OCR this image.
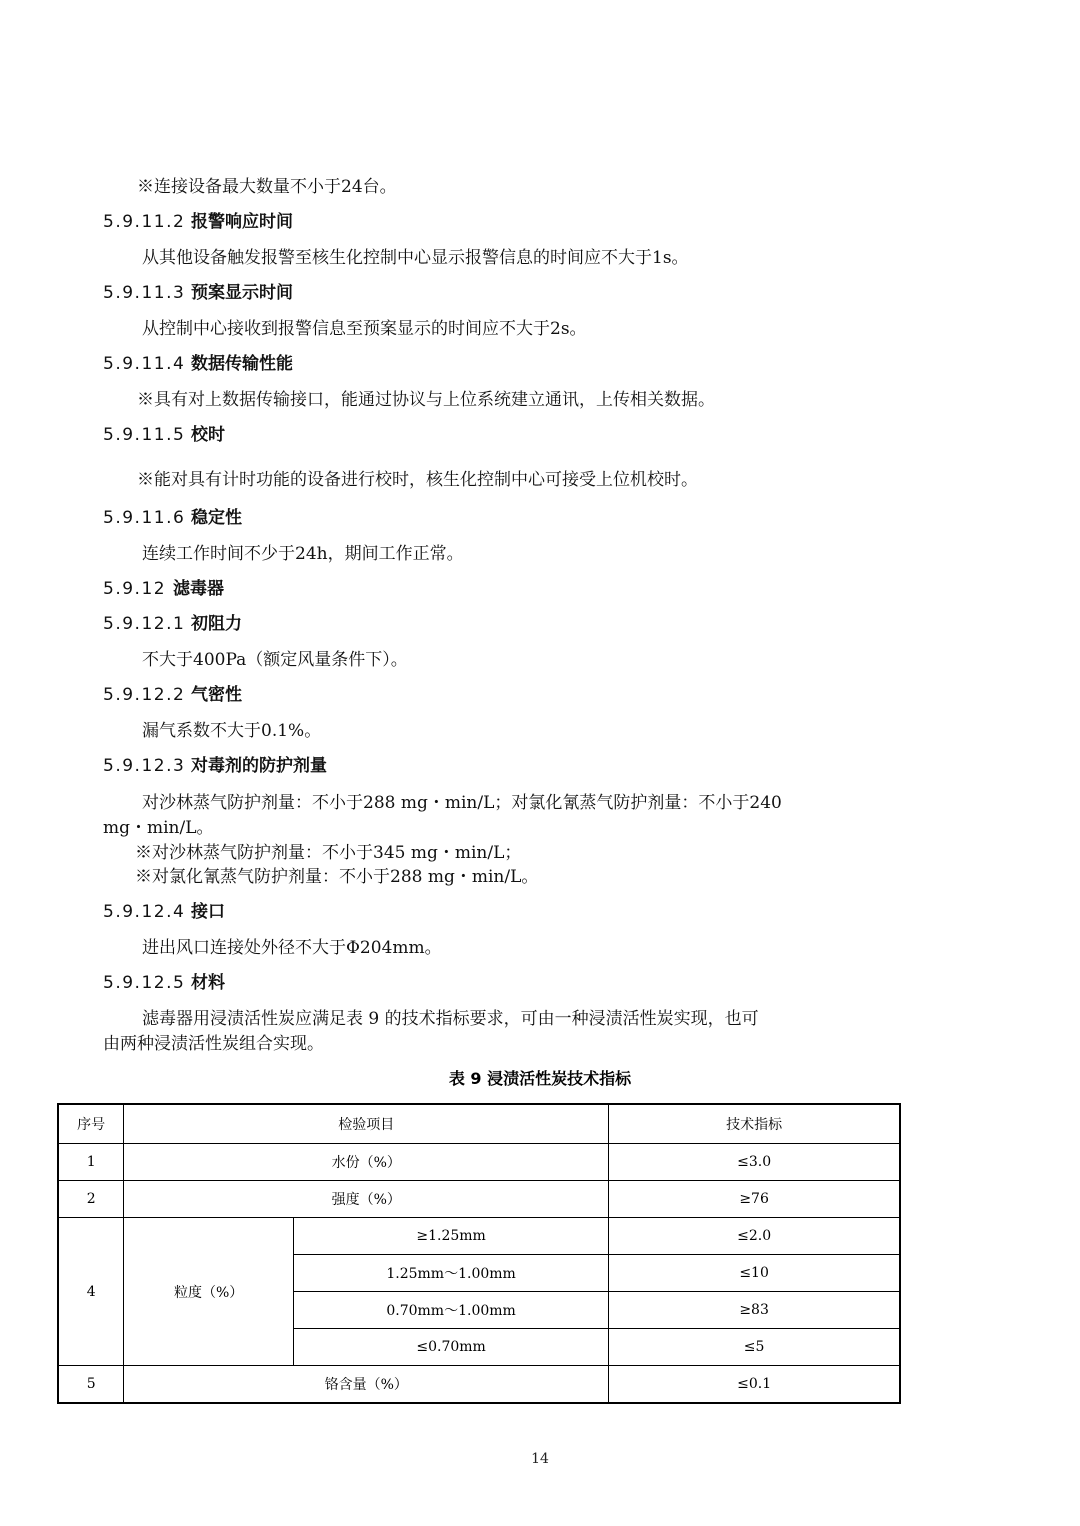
※连接设备最大数量不小于24台。
5.9.11.2 报警响应时间
从其他设备触发报警至核生化控制中心显示报警信息的时间应不大于1s。
5.9.11.3 预案显示时间
从控制中心接收到报警信息至预案显示的时间应不大于2s。
5.9.11.4 数据传输性能
※具有对上数据传输接口，能通过协议与上位系统建立通讯，上传相关数据。
5.9.11.5 校时
※能对具有计时功能的设备进行校时，核生化控制中心可接受上位机校时。
5.9.11.6 稳定性
连续工作时间不少于24h，期间工作正常。
5.9.12 滤毒器
5.9.12.1 初阻力
不大于400Pa（额定风量条件下）。
5.9.12.2 气密性
漏气系数不大于0.1%。
5.9.12.3 对毒剂的防护剂量
对沙林蒸气防护剂量：不小于288 mg・min/L；对氯化氰蒸气防护剂量：不小于240
mg・min/L。
※对沙林蒸气防护剂量：不小于345 mg・min/L；
※对氯化氰蒸气防护剂量：不小于288 mg・min/L。
5.9.12.4 接口
进出风口连接处外径不大于Φ204mm。
5.9.12.5 材料
滤毒器用浸渍活性炭应满足表 9 的技术指标要求，可由一种浸渍活性炭实现，也可
由两种浸渍活性炭组合实现。
表 9 浸渍活性炭技术指标
序号	检验项目		技术指标
1	水份（%）		≤3.0
2	强度（%）		≥76
4	粒度（%）	≥1.25mm	≤2.0
		1.25mm～1.00mm	≤10
		0.70mm～1.00mm	≥83
		≤0.70mm	≤5
5	铬含量（%）		≤0.1
14
